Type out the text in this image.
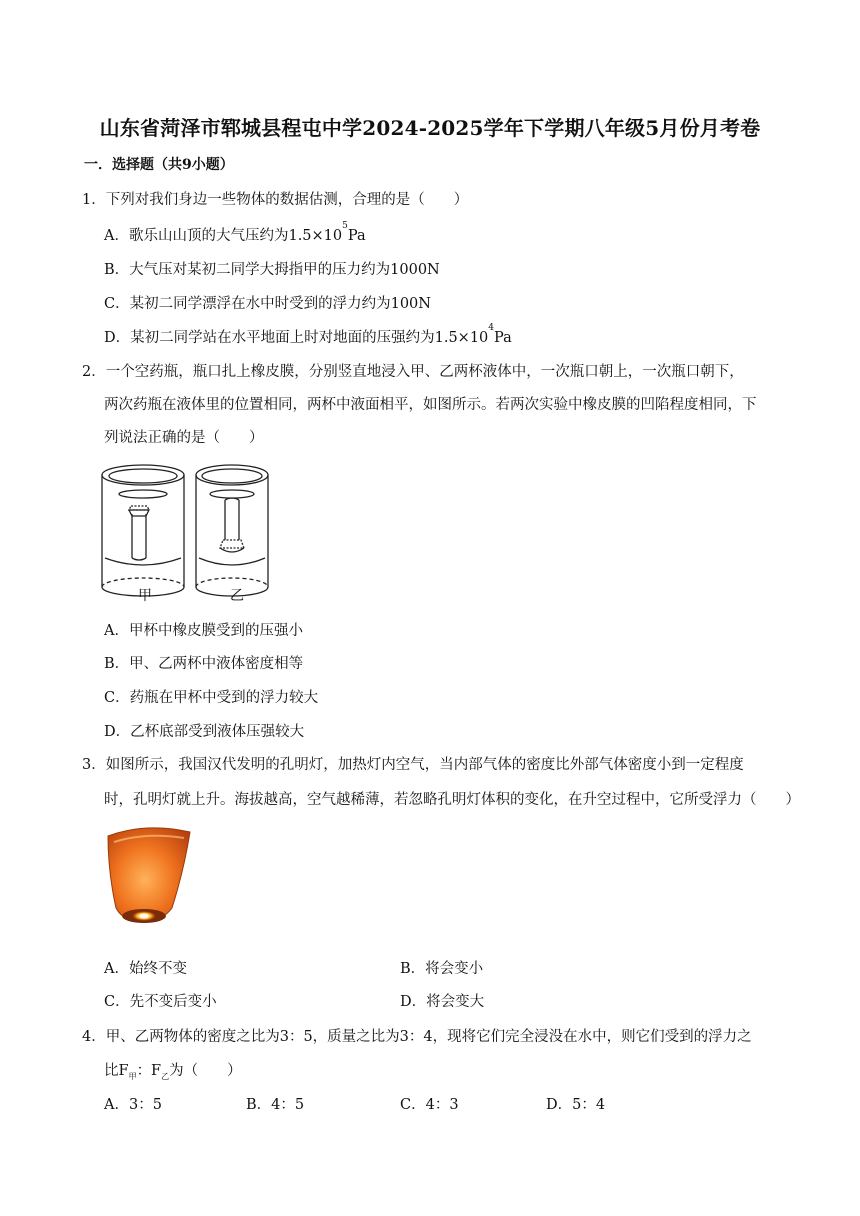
山东省菏泽市郓城县程屯中学2024-2025学年下学期八年级5月份月考卷
一．选择题（共9小题）
1．下列对我们身边一些物体的数据估测，合理的是（　　）
A．歌乐山山顶的大气压约为$1.5\times 10^5Pa$
B．大气压对某初二同学大拇指甲的压力约为1000N
C．某初二同学漂浮在水中时受到的浮力约为100N
D．某初二同学站在水平地面上时对地面的压强约为$1.5\times 10^4Pa$
2．一个空药瓶，瓶口扎上橡皮膜，分别竖直地浸入甲、乙两杯液体中，一次瓶口朝上，一次瓶口朝下，
两次药瓶在液体里的位置相同，两杯中液面相平，如图所示。若两次实验中橡皮膜的凹陷程度相同，下
列说法正确的是（　　）
甲	乙
A．甲杯中橡皮膜受到的压强小
B．甲、乙两杯中液体密度相等
C．药瓶在甲杯中受到的浮力较大
D．乙杯底部受到液体压强较大
3．如图所示，我国汉代发明的孔明灯，加热灯内空气，当内部气体的密度比外部气体密度小到一定程度
时，孔明灯就上升。海拔越高，空气越稀薄，若忽略孔明灯体积的变化，在升空过程中，它所受浮力（　　）
A．始终不变	B．将会变小
C．先不变后变小	D．将会变大
4．甲、乙两物体的密度之比为3：5，质量之比为3：4，现将它们完全浸没在水中，则它们受到的浮力之
比$F_甲$：$F_乙$为（　　）
A．3：5	B．4：5	C．4：3	D．5：4
